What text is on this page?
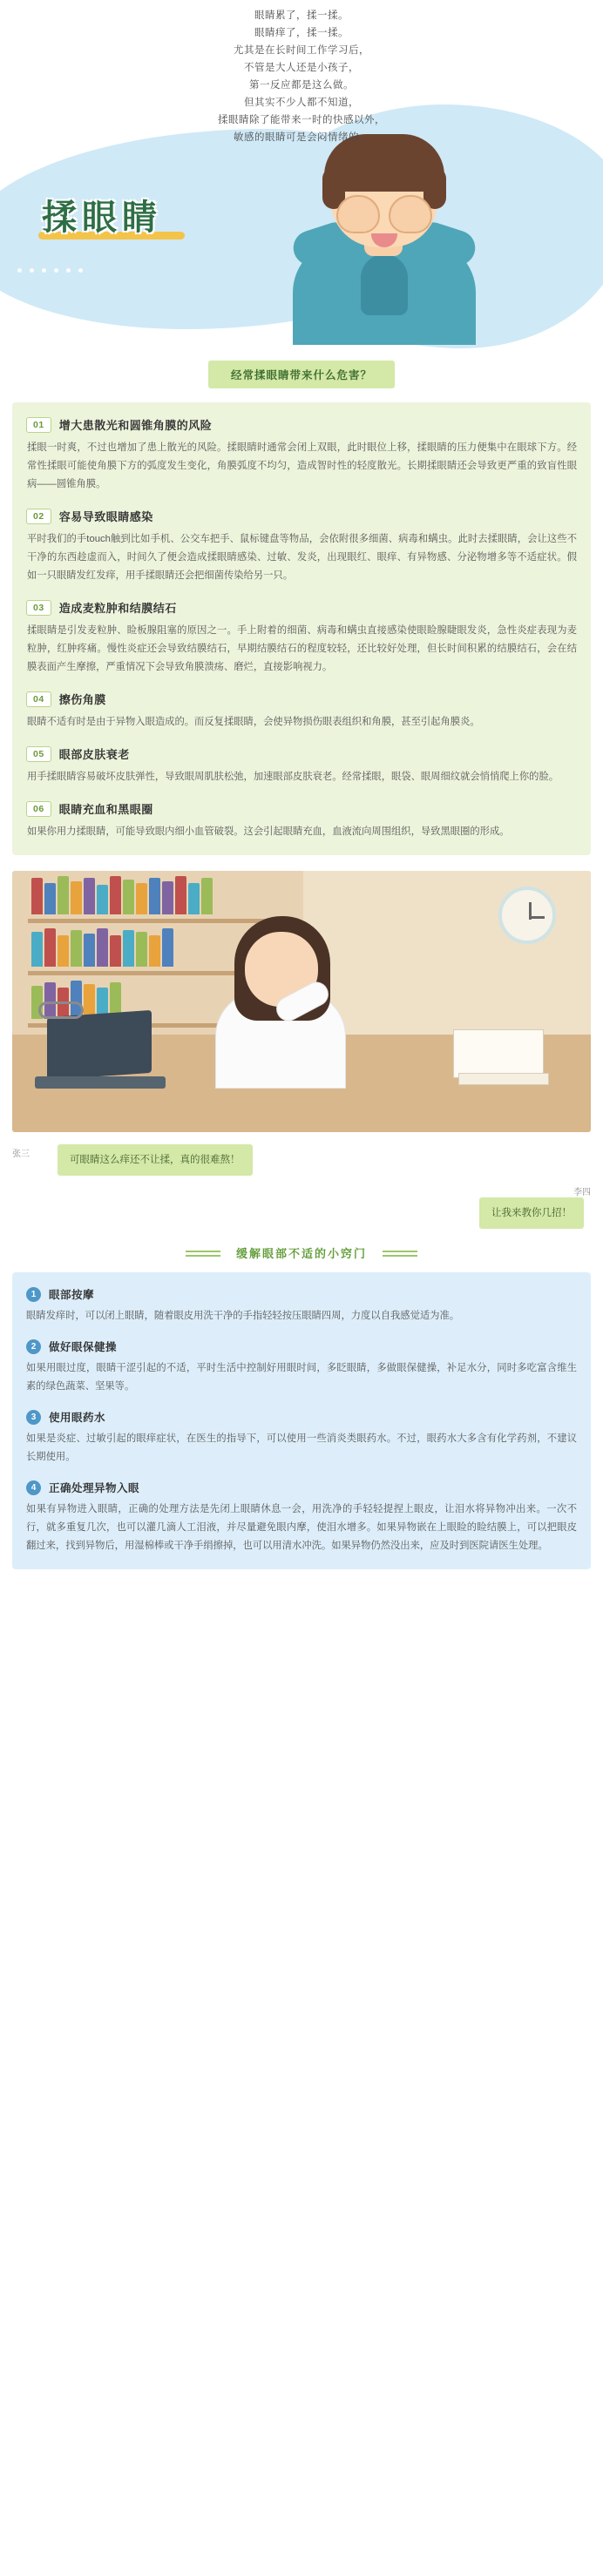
眼睛累了，揉一揉。
眼睛痒了，揉一揉。
尤其是在长时间工作学习后，
不管是大人还是小孩子，
第一反应都是这么做。
但其实不少人都不知道，
揉眼睛除了能带来一时的快感以外，
敏感的眼睛可是会闷情绪的。
揉眼睛
经常揉眼睛带来什么危害？
01	增大患散光和圆锥角膜的风险
揉眼一时爽，不过也增加了患上散光的风险。揉眼睛时通常会闭上双眼，此时眼位上移，揉眼睛的压力便集中在眼球下方。经常性揉眼可能使角膜下方的弧度发生变化，角膜弧度不均匀，造成智时性的轻度散光。长期揉眼睛还会导致更严重的致盲性眼病——圆锥角膜。
02	容易导致眼睛感染
平时我们的手touch触到比如手机、公交车把手、鼠标键盘等物品，会依附很多细菌、病毒和螨虫。此时去揉眼睛，会让这些不干净的东西趁虚而入，时间久了便会造成揉眼睛感染、过敏、发炎，出现眼红、眼痒、有异物感、分泌物增多等不适症状。假如一只眼睛发红发痒，用手揉眼睛还会把细菌传染给另一只。
03	造成麦粒肿和结膜结石
揉眼睛是引发麦粒肿、睑板腺阻塞的原因之一。手上附着的细菌、病毒和螨虫直接感染使眼睑腺睫眼发炎，急性炎症表现为麦粒肿，红肿疼痛。慢性炎症还会导致结膜结石，早期结膜结石的程度较轻，还比较好处理，但长时间积累的结膜结石，会在结膜表面产生摩擦，严重情况下会导致角膜溃疡、磨烂，直接影响视力。
04	擦伤角膜
眼睛不适有时是由于异物入眼造成的。而反复揉眼睛，会使异物损伤眼表组织和角膜，甚至引起角膜炎。
05	眼部皮肤衰老
用手揉眼睛容易破坏皮肤弹性，导致眼周肌肤松弛，加速眼部皮肤衰老。经常揉眼，眼袋、眼周细纹就会悄悄爬上你的脸。
06	眼睛充血和黑眼圈
如果你用力揉眼睛，可能导致眼内细小血管破裂。这会引起眼睛充血，血液流向周围组织，导致黑眼圈的形成。
张三
可眼睛这么痒还不让揉，真的很难熬！
李四
让我来教你几招！
缓解眼部不适的小窍门
1	眼部按摩
眼睛发痒时，可以闭上眼睛，随着眼皮用洗干净的手指轻轻按压眼睛四周，力度以自我感觉适为准。
2	做好眼保健操
如果用眼过度，眼睛干涩引起的不适，平时生活中控制好用眼时间，多眨眼睛，多做眼保健操，补足水分，同时多吃富含维生素的绿色蔬菜、坚果等。
3	使用眼药水
如果是炎症、过敏引起的眼痒症状，在医生的指导下，可以使用一些消炎类眼药水。不过，眼药水大多含有化学药剂，不建议长期使用。
4	正确处理异物入眼
如果有异物进入眼睛，正确的处理方法是先闭上眼睛休息一会，用洗净的手轻轻提捏上眼皮，让泪水将异物冲出来。一次不行，就多重复几次，也可以灌几滴人工泪液，并尽量避免眼内摩，使泪水增多。如果异物嵌在上眼睑的睑结膜上，可以把眼皮翻过来，找到异物后，用湿棉棒或干净手绢擦掉，也可以用清水冲洗。如果异物仍然没出来，应及时到医院请医生处理。
